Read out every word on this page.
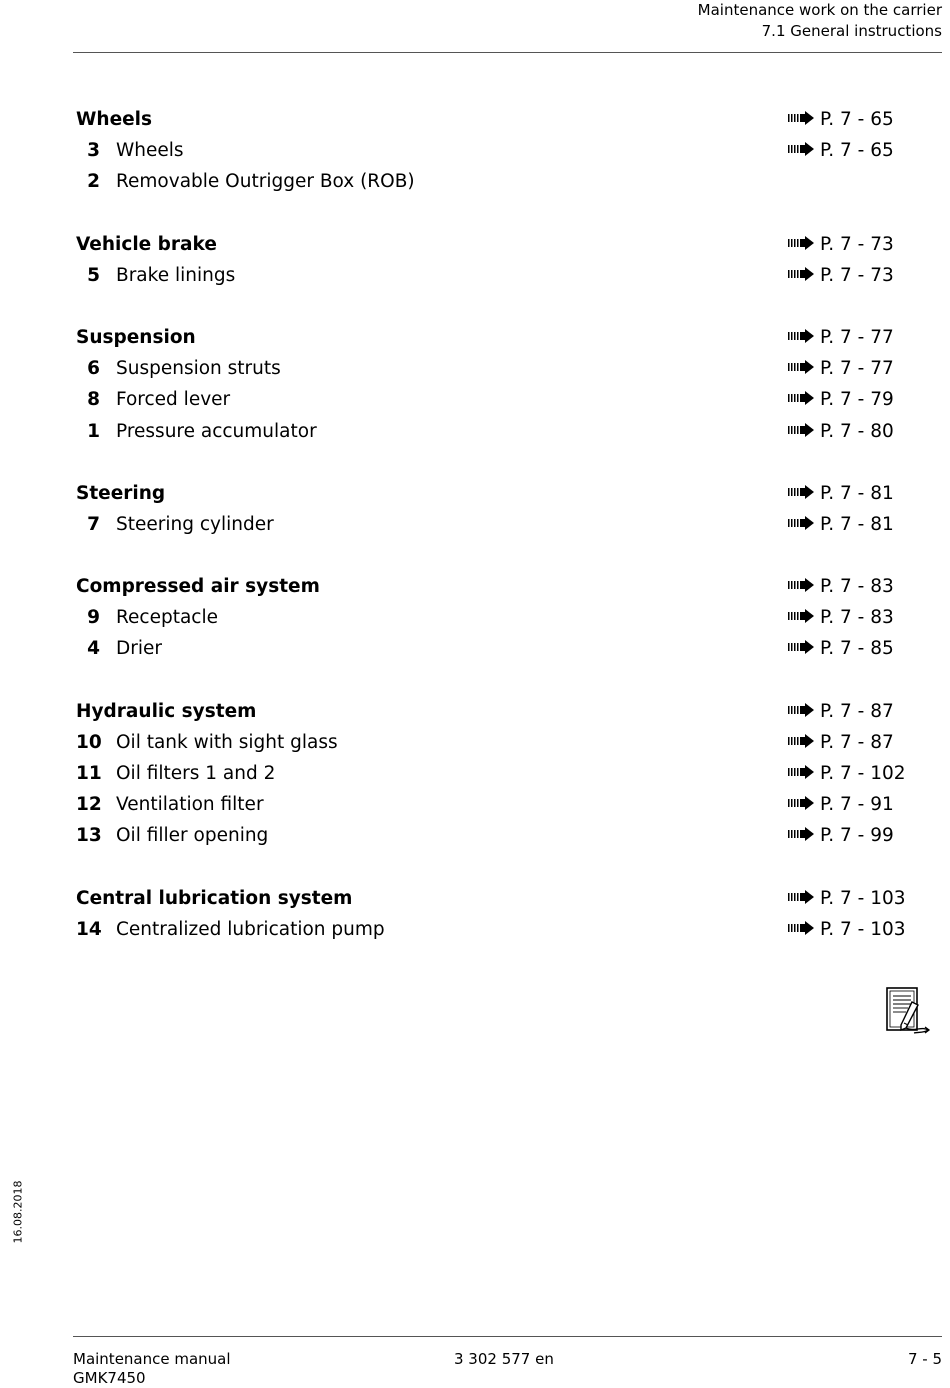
Maintenance work on the carrier
7.1 General instructions
Wheels	P. 7 - 65
3 Wheels	P. 7 - 65
2 Removable Outrigger Box (ROB)
Vehicle brake	P. 7 - 73
5 Brake linings	P. 7 - 73
Suspension	P. 7 - 77
6 Suspension struts	P. 7 - 77
8 Forced lever	P. 7 - 79
1 Pressure accumulator	P. 7 - 80
Steering	P. 7 - 81
7 Steering cylinder	P. 7 - 81
Compressed air system	P. 7 - 83
9 Receptacle	P. 7 - 83
4 Drier	P. 7 - 85
Hydraulic system	P. 7 - 87
10 Oil tank with sight glass	P. 7 - 87
11 Oil filters 1 and 2	P. 7 - 102
12 Ventilation filter	P. 7 - 91
13 Oil filler opening	P. 7 - 99
Central lubrication system	P. 7 - 103
14 Centralized lubrication pump	P. 7 - 103
16.08.2018
Maintenance manual
GMK7450
3 302 577 en	7 - 5
